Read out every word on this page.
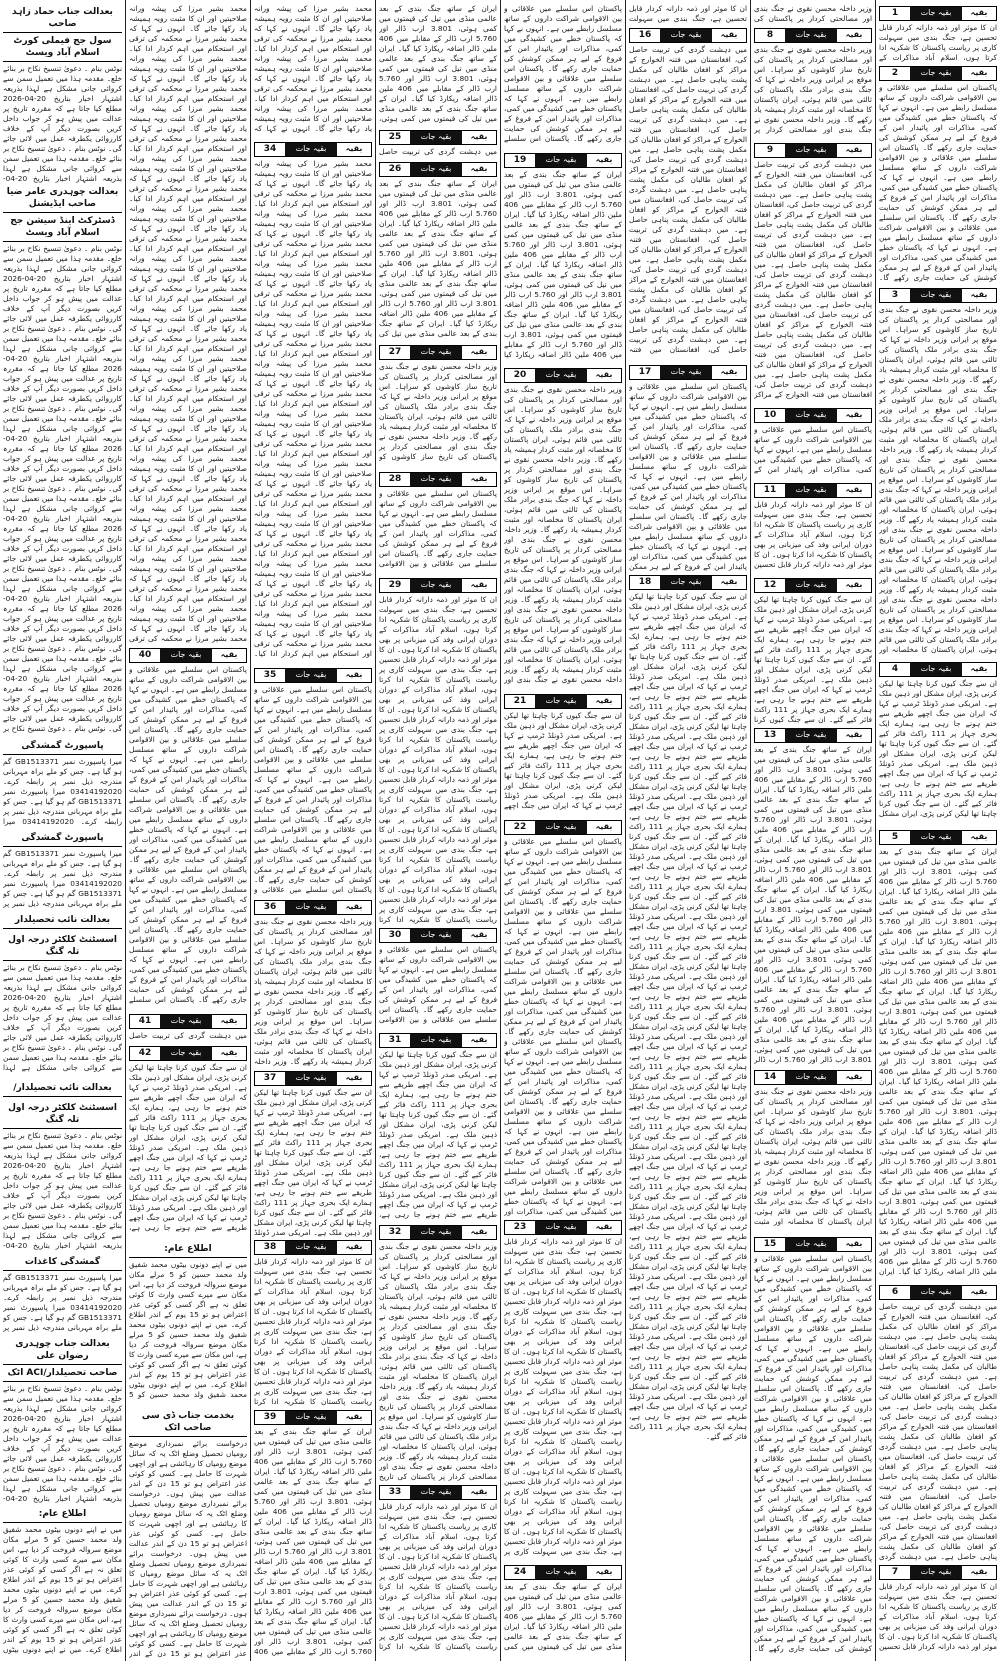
بعدالت جناب حماد زاہد صاحب
سول جج فیملی کورٹ اسلام آباد ویسٹ
نوٹس بنام ۔ دعویٰ تنسیخ نکاح بر بنائے خلع۔ مقدمہ ہذا میں تعمیل سمن سے کروائی جانی مشکل ہے لہذا بذریعہ اشتہار اخبار بتاریخ 20-04-2026 مطلع کیا جاتا ہے کہ مقررہ تاریخ پر عدالت میں پیش ہو کر جواب داخل کریں بصورت دیگر آپ کے خلاف کارروائی یکطرفہ عمل میں لائی جائے گی۔ نوٹس بنام ۔ دعویٰ تنسیخ نکاح بر بنائے خلع۔ مقدمہ ہذا میں تعمیل سمن سے کروائی جانی مشکل ہے لہذا بذریعہ اشتہار اخبار بتاریخ 20-04-
بعدالت چوہدری عامر ضیا صاحب ایڈیشنل
ڈسٹرکٹ اینڈ سیشن جج اسلام آباد ویسٹ
نوٹس بنام ۔ دعویٰ تنسیخ نکاح بر بنائے خلع۔ مقدمہ ہذا میں تعمیل سمن سے کروائی جانی مشکل ہے لہذا بذریعہ اشتہار اخبار بتاریخ 20-04-2026 مطلع کیا جاتا ہے کہ مقررہ تاریخ پر عدالت میں پیش ہو کر جواب داخل کریں بصورت دیگر آپ کے خلاف کارروائی یکطرفہ عمل میں لائی جائے گی۔ نوٹس بنام ۔ دعویٰ تنسیخ نکاح بر بنائے خلع۔ مقدمہ ہذا میں تعمیل سمن سے کروائی جانی مشکل ہے لہذا بذریعہ اشتہار اخبار بتاریخ 20-04-2026 مطلع کیا جاتا ہے کہ مقررہ تاریخ پر عدالت میں پیش ہو کر جواب داخل کریں بصورت دیگر آپ کے خلاف کارروائی یکطرفہ عمل میں لائی جائے گی۔ نوٹس بنام ۔ دعویٰ تنسیخ نکاح بر بنائے خلع۔ مقدمہ ہذا میں تعمیل سمن سے کروائی جانی مشکل ہے لہذا بذریعہ اشتہار اخبار بتاریخ 20-04-2026 مطلع کیا جاتا ہے کہ مقررہ تاریخ پر عدالت میں پیش ہو کر جواب داخل کریں بصورت دیگر آپ کے خلاف کارروائی یکطرفہ عمل میں لائی جائے گی۔ نوٹس بنام ۔ دعویٰ تنسیخ نکاح بر بنائے خلع۔ مقدمہ ہذا میں تعمیل سمن سے کروائی جانی مشکل ہے لہذا بذریعہ اشتہار اخبار بتاریخ 20-04-2026 مطلع کیا جاتا ہے کہ مقررہ تاریخ پر عدالت میں پیش ہو کر جواب داخل کریں بصورت دیگر آپ کے خلاف کارروائی یکطرفہ عمل میں لائی جائے گی۔ نوٹس بنام ۔ دعویٰ تنسیخ نکاح بر بنائے خلع۔ مقدمہ ہذا میں تعمیل سمن سے کروائی جانی مشکل ہے لہذا بذریعہ اشتہار اخبار بتاریخ 20-04-2026 مطلع کیا جاتا ہے کہ مقررہ تاریخ پر عدالت میں پیش ہو کر جواب داخل کریں بصورت دیگر آپ کے خلاف کارروائی یکطرفہ عمل میں لائی جائے گی۔ نوٹس بنام ۔ دعویٰ تنسیخ نکاح بر بنائے خلع۔ مقدمہ ہذا میں تعمیل سمن سے کروائی جانی مشکل ہے لہذا بذریعہ اشتہار اخبار بتاریخ 20-04-2026 مطلع کیا جاتا ہے کہ مقررہ تاریخ پر عدالت میں پیش ہو کر جواب داخل کریں بصورت دیگر آپ کے خلاف کارروائی یکطرفہ عمل میں لائی جائے گی۔ نوٹس بنام ۔ دعویٰ تنسیخ نکاح بر
پاسپورٹ گمشدگی
میرا پاسپورٹ نمبر GB1513371 گم ہو گیا ہے۔ جس کو ملے براہ مہربانی مندرجہ ذیل نمبر پر رابطہ کرے۔ 03414192020 میرا پاسپورٹ نمبر GB1513371 گم ہو گیا ہے۔ جس کو ملے براہ مہربانی مندرجہ ذیل نمبر پر رابطہ کرے۔ 03414192020 میرا
پاسپورٹ گمشدگی
میرا پاسپورٹ نمبر GB1513371 گم ہو گیا ہے۔ جس کو ملے براہ مہربانی مندرجہ ذیل نمبر پر رابطہ کرے۔ 03414192020 میرا پاسپورٹ نمبر GB1513371 گم ہو گیا ہے۔ جس کو ملے براہ مہربانی مندرجہ ذیل نمبر پر
بعدالت نائب تحصیلدار
اسسٹنٹ کلکٹر درجہ اول تلہ گنگ
نوٹس بنام ۔ دعویٰ تنسیخ نکاح بر بنائے خلع۔ مقدمہ ہذا میں تعمیل سمن سے کروائی جانی مشکل ہے لہذا بذریعہ اشتہار اخبار بتاریخ 20-04-2026 مطلع کیا جاتا ہے کہ مقررہ تاریخ پر عدالت میں پیش ہو کر جواب داخل کریں بصورت دیگر آپ کے خلاف کارروائی یکطرفہ عمل میں لائی جائے گی۔ نوٹس بنام ۔ دعویٰ تنسیخ نکاح بر بنائے خلع۔ مقدمہ ہذا میں تعمیل سمن سے کروائی جانی مشکل ہے لہذا
بعدالت نائب تحصیلدار/
اسسٹنٹ کلکٹر درجہ اول تلہ گنگ
نوٹس بنام ۔ دعویٰ تنسیخ نکاح بر بنائے خلع۔ مقدمہ ہذا میں تعمیل سمن سے کروائی جانی مشکل ہے لہذا بذریعہ اشتہار اخبار بتاریخ 20-04-2026 مطلع کیا جاتا ہے کہ مقررہ تاریخ پر عدالت میں پیش ہو کر جواب داخل کریں بصورت دیگر آپ کے خلاف کارروائی یکطرفہ عمل میں لائی جائے گی۔ نوٹس بنام ۔ دعویٰ تنسیخ نکاح بر بنائے خلع۔ مقدمہ ہذا میں تعمیل سمن سے کروائی جانی مشکل ہے لہذا بذریعہ اشتہار اخبار بتاریخ 20-04-
گمشدگی کاغذات
میرا پاسپورٹ نمبر GB1513371 گم ہو گیا ہے۔ جس کو ملے براہ مہربانی مندرجہ ذیل نمبر پر رابطہ کرے۔ 03414192020 میرا پاسپورٹ نمبر GB1513371 گم ہو گیا ہے۔ جس کو ملے براہ مہربانی مندرجہ ذیل نمبر پر
بعدالت جناب چوہدری رضوان علی
صاحب تحصیلدار/ACI اٹک
نوٹس بنام ۔ دعویٰ تنسیخ نکاح بر بنائے خلع۔ مقدمہ ہذا میں تعمیل سمن سے کروائی جانی مشکل ہے لہذا بذریعہ اشتہار اخبار بتاریخ 20-04-2026 مطلع کیا جاتا ہے کہ مقررہ تاریخ پر عدالت میں پیش ہو کر جواب داخل کریں بصورت دیگر آپ کے خلاف کارروائی یکطرفہ عمل میں لائی جائے گی۔ نوٹس بنام ۔ دعویٰ تنسیخ نکاح بر بنائے خلع۔ مقدمہ ہذا میں تعمیل سمن سے کروائی جانی مشکل ہے لہذا بذریعہ اشتہار اخبار بتاریخ 20-04-
اطلاع عام:
میں نے اپنے دونوں بیٹوں محمد شفیق ولد محمد حسین کو 5 مرلے مکان موضع سروالہ فروخت کر دیا ہے، اس مکان سے میرے کسی وارث کا کوئی تعلق نہ ہے اگر کسی کو کوئی عذر اعتراض ہو تو 15 یوم کے اندر اطلاع کرے۔ میں نے اپنے دونوں بیٹوں محمد شفیق ولد محمد حسین کو 5 مرلے مکان موضع سروالہ فروخت کر دیا ہے، اس مکان سے میرے کسی وارث کا کوئی تعلق نہ ہے اگر کسی کو کوئی عذر اعتراض ہو تو 15 یوم کے اندر اطلاع کرے۔ میں نے اپنے دونوں بیٹوں
محمد بشیر مرزا کی پیشہ ورانہ صلاحیتیں اور ان کا مثبت رویہ ہمیشہ یاد رکھا جائے گا۔ انہوں نے کہا کہ محمد بشیر مرزا نے محکمہ کی ترقی اور استحکام میں اہم کردار ادا کیا۔ محمد بشیر مرزا کی پیشہ ورانہ صلاحیتیں اور ان کا مثبت رویہ ہمیشہ یاد رکھا جائے گا۔ انہوں نے کہا کہ محمد بشیر مرزا نے محکمہ کی ترقی اور استحکام میں اہم کردار ادا کیا۔ محمد بشیر مرزا کی پیشہ ورانہ صلاحیتیں اور ان کا مثبت رویہ ہمیشہ یاد رکھا جائے گا۔ انہوں نے کہا کہ محمد بشیر مرزا نے محکمہ کی ترقی اور استحکام میں اہم کردار ادا کیا۔ محمد بشیر مرزا کی پیشہ ورانہ صلاحیتیں اور ان کا مثبت رویہ ہمیشہ یاد رکھا جائے گا۔ انہوں نے کہا کہ محمد بشیر مرزا نے محکمہ کی ترقی اور استحکام میں اہم کردار ادا کیا۔ محمد بشیر مرزا کی پیشہ ورانہ صلاحیتیں اور ان کا مثبت رویہ ہمیشہ یاد رکھا جائے گا۔ انہوں نے کہا کہ محمد بشیر مرزا نے محکمہ کی ترقی اور استحکام میں اہم کردار ادا کیا۔ محمد بشیر مرزا کی پیشہ ورانہ صلاحیتیں اور ان کا مثبت رویہ ہمیشہ یاد رکھا جائے گا۔ انہوں نے کہا کہ محمد بشیر مرزا نے محکمہ کی ترقی اور استحکام میں اہم کردار ادا کیا۔ محمد بشیر مرزا کی پیشہ ورانہ صلاحیتیں اور ان کا مثبت رویہ ہمیشہ یاد رکھا جائے گا۔ انہوں نے کہا کہ محمد بشیر مرزا نے محکمہ کی ترقی اور استحکام میں اہم کردار ادا کیا۔ محمد بشیر مرزا کی پیشہ ورانہ صلاحیتیں اور ان کا مثبت رویہ ہمیشہ یاد رکھا جائے گا۔ انہوں نے کہا کہ محمد بشیر مرزا نے محکمہ کی ترقی اور استحکام میں اہم کردار ادا کیا۔ محمد بشیر مرزا کی پیشہ ورانہ صلاحیتیں اور ان کا مثبت رویہ ہمیشہ یاد رکھا جائے گا۔ انہوں نے کہا کہ محمد بشیر مرزا نے محکمہ کی ترقی اور استحکام میں اہم کردار ادا کیا۔ محمد بشیر مرزا کی پیشہ ورانہ صلاحیتیں اور ان کا مثبت رویہ ہمیشہ یاد رکھا جائے گا۔ انہوں نے کہا کہ محمد بشیر مرزا نے محکمہ کی ترقی اور استحکام میں اہم کردار ادا کیا۔ محمد بشیر مرزا کی پیشہ ورانہ صلاحیتیں اور ان کا مثبت رویہ ہمیشہ یاد رکھا جائے گا۔ انہوں نے کہا کہ محمد بشیر مرزا نے محکمہ کی ترقی اور استحکام میں اہم کردار ادا کیا۔ محمد بشیر مرزا کی پیشہ ورانہ صلاحیتیں اور ان کا مثبت رویہ ہمیشہ یاد رکھا جائے گا۔ انہوں نے کہا کہ محمد بشیر مرزا نے محکمہ کی ترقی اور استحکام میں اہم کردار ادا کیا۔ محمد بشیر مرزا کی پیشہ ورانہ صلاحیتیں اور ان کا مثبت رویہ ہمیشہ یاد رکھا جائے گا۔ انہوں نے کہا کہ محمد بشیر مرزا نے محکمہ کی ترقی
بقیہ
بقیہ جات
40
پاکستان اس سلسلے میں علاقائی و بین الاقوامی شراکت داروں کے ساتھ مسلسل رابطے میں ہے۔ انہوں نے کہا کہ پاکستان خطے میں کشیدگی میں کمی، مذاکرات اور پائیدار امن کے فروغ کے لیے ہر ممکن کوشش کی حمایت جاری رکھے گا۔ پاکستان اس سلسلے میں علاقائی و بین الاقوامی شراکت داروں کے ساتھ مسلسل رابطے میں ہے۔ انہوں نے کہا کہ پاکستان خطے میں کشیدگی میں کمی، مذاکرات اور پائیدار امن کے فروغ کے لیے ہر ممکن کوشش کی حمایت جاری رکھے گا۔ پاکستان اس سلسلے میں علاقائی و بین الاقوامی شراکت داروں کے ساتھ مسلسل رابطے میں ہے۔ انہوں نے کہا کہ پاکستان خطے میں کشیدگی میں کمی، مذاکرات اور پائیدار امن کے فروغ کے لیے ہر ممکن کوشش کی حمایت جاری رکھے گا۔ پاکستان اس سلسلے میں علاقائی و بین الاقوامی شراکت داروں کے ساتھ مسلسل رابطے میں ہے۔ انہوں نے کہا کہ پاکستان خطے میں کشیدگی میں کمی، مذاکرات اور پائیدار امن کے فروغ کے لیے ہر ممکن کوشش کی حمایت جاری رکھے گا۔ پاکستان اس سلسلے میں علاقائی و بین الاقوامی شراکت داروں کے ساتھ مسلسل رابطے میں ہے۔ انہوں نے کہا کہ پاکستان خطے میں کشیدگی میں کمی، مذاکرات اور پائیدار امن کے فروغ کے لیے ہر ممکن کوشش کی حمایت جاری رکھے گا۔ پاکستان اس سلسلے
بقیہ
بقیہ جات
41
میں دہشت گردی کی تربیت حاصل
بقیہ
بقیہ جات
42
ان سے جنگ کیوں کرنا چاہتا تھا لیکن کرنی پڑی، ایران مشکل اور ذہین ملک ہے۔ امریکی صدر ڈونلڈ ٹرمپ نے کہا کہ ایران میں جنگ اچھے طریقے سے ختم ہونے جا رہی ہے، ہمارے ایک بحری جہاز پر 111 راکٹ فائر کیے گئے۔ ان سے جنگ کیوں کرنا چاہتا تھا لیکن کرنی پڑی، ایران مشکل اور ذہین ملک ہے۔ امریکی صدر ڈونلڈ ٹرمپ نے کہا کہ ایران میں جنگ اچھے طریقے سے ختم ہونے جا رہی ہے، ہمارے ایک بحری جہاز پر 111 راکٹ فائر کیے گئے۔ ان سے جنگ کیوں کرنا چاہتا تھا لیکن کرنی پڑی، ایران مشکل اور ذہین ملک ہے۔ امریکی صدر ڈونلڈ ٹرمپ نے کہا کہ ایران میں جنگ اچھے طریقے سے ختم ہونے جا رہی ہے،
اطلاع عام:
میں نے اپنے دونوں بیٹوں محمد شفیق ولد محمد حسین کو 5 مرلے مکان موضع سروالہ فروخت کر دیا ہے، اس مکان سے میرے کسی وارث کا کوئی تعلق نہ ہے اگر کسی کو کوئی عذر اعتراض ہو تو 15 یوم کے اندر اطلاع کرے۔ میں نے اپنے دونوں بیٹوں محمد شفیق ولد محمد حسین کو 5 مرلے مکان موضع سروالہ فروخت کر دیا ہے، اس مکان سے میرے کسی وارث کا کوئی تعلق نہ ہے اگر کسی کو کوئی عذر اعتراض ہو تو 15 یوم کے اندر اطلاع کرے۔ میں نے اپنے دونوں بیٹوں محمد شفیق ولد محمد حسین کو 5
بخدمت جناب ڈی سی صاحب اٹک
درخواست برائے نمبرداری موضع رومیاں تحصیل وضلع اٹک یہ کہ سائل موضع رومیاں کا رہائشی ہے اور اچھی شہرت کا حامل ہے۔ کسی کو کوئی عذر اعتراض ہو تو 15 دن کے اندر عدالت میں پیش ہوں۔ درخواست برائے نمبرداری موضع رومیاں تحصیل وضلع اٹک یہ کہ سائل موضع رومیاں کا رہائشی ہے اور اچھی شہرت کا حامل ہے۔ کسی کو کوئی عذر اعتراض ہو تو 15 دن کے اندر عدالت میں پیش ہوں۔ درخواست برائے نمبرداری موضع رومیاں تحصیل وضلع اٹک یہ کہ سائل موضع رومیاں کا رہائشی ہے اور اچھی شہرت کا حامل ہے۔ کسی کو کوئی عذر اعتراض ہو تو 15 دن کے اندر عدالت میں پیش ہوں۔ درخواست برائے نمبرداری موضع رومیاں تحصیل وضلع اٹک یہ کہ سائل موضع رومیاں کا رہائشی ہے اور اچھی شہرت کا حامل ہے۔ کسی کو کوئی عذر اعتراض ہو تو 15 دن کے اندر
محمد بشیر مرزا کی پیشہ ورانہ صلاحیتیں اور ان کا مثبت رویہ ہمیشہ یاد رکھا جائے گا۔ انہوں نے کہا کہ محمد بشیر مرزا نے محکمہ کی ترقی اور استحکام میں اہم کردار ادا کیا۔ محمد بشیر مرزا کی پیشہ ورانہ صلاحیتیں اور ان کا مثبت رویہ ہمیشہ یاد رکھا جائے گا۔ انہوں نے کہا کہ محمد بشیر مرزا نے محکمہ کی ترقی اور استحکام میں اہم کردار ادا کیا۔ محمد بشیر مرزا کی پیشہ ورانہ صلاحیتیں اور ان کا مثبت رویہ ہمیشہ یاد رکھا جائے گا۔ انہوں نے کہا کہ
بقیہ
بقیہ جات
34
محمد بشیر مرزا کی پیشہ ورانہ صلاحیتیں اور ان کا مثبت رویہ ہمیشہ یاد رکھا جائے گا۔ انہوں نے کہا کہ محمد بشیر مرزا نے محکمہ کی ترقی اور استحکام میں اہم کردار ادا کیا۔ محمد بشیر مرزا کی پیشہ ورانہ صلاحیتیں اور ان کا مثبت رویہ ہمیشہ یاد رکھا جائے گا۔ انہوں نے کہا کہ محمد بشیر مرزا نے محکمہ کی ترقی اور استحکام میں اہم کردار ادا کیا۔ محمد بشیر مرزا کی پیشہ ورانہ صلاحیتیں اور ان کا مثبت رویہ ہمیشہ یاد رکھا جائے گا۔ انہوں نے کہا کہ محمد بشیر مرزا نے محکمہ کی ترقی اور استحکام میں اہم کردار ادا کیا۔ محمد بشیر مرزا کی پیشہ ورانہ صلاحیتیں اور ان کا مثبت رویہ ہمیشہ یاد رکھا جائے گا۔ انہوں نے کہا کہ محمد بشیر مرزا نے محکمہ کی ترقی اور استحکام میں اہم کردار ادا کیا۔ محمد بشیر مرزا کی پیشہ ورانہ صلاحیتیں اور ان کا مثبت رویہ ہمیشہ یاد رکھا جائے گا۔ انہوں نے کہا کہ محمد بشیر مرزا نے محکمہ کی ترقی اور استحکام میں اہم کردار ادا کیا۔ محمد بشیر مرزا کی پیشہ ورانہ صلاحیتیں اور ان کا مثبت رویہ ہمیشہ یاد رکھا جائے گا۔ انہوں نے کہا کہ محمد بشیر مرزا نے محکمہ کی ترقی اور استحکام میں اہم کردار ادا کیا۔ محمد بشیر مرزا کی پیشہ ورانہ صلاحیتیں اور ان کا مثبت رویہ ہمیشہ یاد رکھا جائے گا۔ انہوں نے کہا کہ محمد بشیر مرزا نے محکمہ کی ترقی اور استحکام میں اہم کردار ادا کیا۔ محمد بشیر مرزا کی پیشہ ورانہ صلاحیتیں اور ان کا مثبت رویہ ہمیشہ یاد رکھا جائے گا۔ انہوں نے کہا کہ محمد بشیر مرزا نے محکمہ کی ترقی اور استحکام میں اہم کردار ادا کیا۔ محمد بشیر مرزا کی پیشہ ورانہ صلاحیتیں اور ان کا مثبت رویہ ہمیشہ یاد رکھا جائے گا۔ انہوں نے کہا کہ محمد بشیر مرزا نے محکمہ کی ترقی اور استحکام میں اہم کردار ادا کیا۔ محمد بشیر مرزا کی پیشہ ورانہ صلاحیتیں اور ان کا مثبت رویہ ہمیشہ یاد رکھا جائے گا۔ انہوں نے کہا کہ محمد بشیر مرزا نے محکمہ کی ترقی اور استحکام میں اہم کردار ادا کیا۔
بقیہ
بقیہ جات
35
پاکستان اس سلسلے میں علاقائی و بین الاقوامی شراکت داروں کے ساتھ مسلسل رابطے میں ہے۔ انہوں نے کہا کہ پاکستان خطے میں کشیدگی میں کمی، مذاکرات اور پائیدار امن کے فروغ کے لیے ہر ممکن کوشش کی حمایت جاری رکھے گا۔ پاکستان اس سلسلے میں علاقائی و بین الاقوامی شراکت داروں کے ساتھ مسلسل رابطے میں ہے۔ انہوں نے کہا کہ پاکستان خطے میں کشیدگی میں کمی، مذاکرات اور پائیدار امن کے فروغ کے لیے ہر ممکن کوشش کی حمایت جاری رکھے گا۔ پاکستان اس سلسلے میں علاقائی و بین الاقوامی شراکت داروں کے ساتھ مسلسل رابطے میں ہے۔ انہوں نے کہا کہ پاکستان خطے میں کشیدگی میں کمی، مذاکرات اور پائیدار امن کے فروغ کے لیے ہر ممکن کوشش کی حمایت جاری رکھے گا۔ پاکستان اس سلسلے میں علاقائی و
بقیہ
بقیہ جات
36
وزیر داخلہ محسن نقوی نے جنگ بندی اور مصالحتی کردار پر پاکستان کی تاریخ ساز کاوشوں کو سراہا۔ اس موقع پر ایرانی وزیر داخلہ نے کہا کہ جنگ بندی برادر ملک پاکستان کی ثالثی میں قائم ہوئی، ایران پاکستان کا مخلصانہ اور مثبت کردار ہمیشہ یاد رکھے گا۔ وزیر داخلہ محسن نقوی نے جنگ بندی اور مصالحتی کردار پر پاکستان کی تاریخ ساز کاوشوں کو سراہا۔ اس موقع پر ایرانی وزیر داخلہ نے کہا کہ جنگ بندی برادر ملک پاکستان کی ثالثی میں قائم ہوئی، ایران پاکستان کا مخلصانہ اور مثبت کردار ہمیشہ یاد رکھے گا۔ وزیر داخلہ
بقیہ
بقیہ جات
37
ان سے جنگ کیوں کرنا چاہتا تھا لیکن کرنی پڑی، ایران مشکل اور ذہین ملک ہے۔ امریکی صدر ڈونلڈ ٹرمپ نے کہا کہ ایران میں جنگ اچھے طریقے سے ختم ہونے جا رہی ہے، ہمارے ایک بحری جہاز پر 111 راکٹ فائر کیے گئے۔ ان سے جنگ کیوں کرنا چاہتا تھا لیکن کرنی پڑی، ایران مشکل اور ذہین ملک ہے۔ امریکی صدر ڈونلڈ ٹرمپ نے کہا کہ ایران میں جنگ اچھے طریقے سے ختم ہونے جا رہی ہے، ہمارے ایک بحری جہاز پر 111 راکٹ فائر کیے گئے۔ ان سے جنگ کیوں کرنا چاہتا تھا لیکن کرنی پڑی، ایران مشکل اور ذہین ملک ہے۔ امریکی صدر ڈونلڈ
بقیہ
بقیہ جات
38
ان کا موثر اور ذمہ دارانہ کردار قابل تحسین ہے، جنگ بندی میں سہولت کاری پر ریاست پاکستان کا شکریہ ادا کرتا ہوں، اسلام آباد مذاکرات کے دوران ایرانی وفد کی میزبانی پر بھی پاکستان کا شکریہ ادا کرتا ہوں۔ ان کا موثر اور ذمہ دارانہ کردار قابل تحسین ہے، جنگ بندی میں سہولت کاری پر ریاست پاکستان کا شکریہ ادا کرتا ہوں، اسلام آباد مذاکرات کے دوران ایرانی وفد کی میزبانی پر بھی پاکستان کا شکریہ ادا کرتا ہوں۔ ان کا موثر اور ذمہ دارانہ کردار قابل تحسین ہے، جنگ بندی میں سہولت کاری پر ریاست پاکستان کا شکریہ ادا کرتا
بقیہ
بقیہ جات
39
ایران کے ساتھ جنگ بندی کے بعد عالمی منڈی میں تیل کی قیمتوں میں کمی ہوئی، 3.801 ارب ڈالر اور 5.760 ارب ڈالر کے مقابلے میں 406 ملین ڈالر اضافہ ریکارڈ کیا گیا۔ ایران کے ساتھ جنگ بندی کے بعد عالمی منڈی میں تیل کی قیمتوں میں کمی ہوئی، 3.801 ارب ڈالر اور 5.760 ارب ڈالر کے مقابلے میں 406 ملین ڈالر اضافہ ریکارڈ کیا گیا۔ ایران کے ساتھ جنگ بندی کے بعد عالمی منڈی میں تیل کی قیمتوں میں کمی ہوئی، 3.801 ارب ڈالر اور 5.760 ارب ڈالر کے مقابلے میں 406 ملین ڈالر اضافہ ریکارڈ کیا گیا۔ ایران کے ساتھ جنگ بندی کے بعد عالمی منڈی میں تیل کی قیمتوں میں کمی ہوئی، 3.801 ارب ڈالر اور 5.760 ارب ڈالر کے مقابلے میں 406 ملین ڈالر اضافہ ریکارڈ کیا گیا۔ ایران کے ساتھ جنگ بندی کے بعد عالمی منڈی میں تیل کی قیمتوں میں کمی ہوئی، 3.801 ارب ڈالر اور 5.760 ارب ڈالر کے مقابلے میں 406
ایران کے ساتھ جنگ بندی کے بعد عالمی منڈی میں تیل کی قیمتوں میں کمی ہوئی، 3.801 ارب ڈالر اور 5.760 ارب ڈالر کے مقابلے میں 406 ملین ڈالر اضافہ ریکارڈ کیا گیا۔ ایران کے ساتھ جنگ بندی کے بعد عالمی منڈی میں تیل کی قیمتوں میں کمی ہوئی، 3.801 ارب ڈالر اور 5.760 ارب ڈالر کے مقابلے میں 406 ملین ڈالر اضافہ ریکارڈ کیا گیا۔ ایران کے ساتھ جنگ بندی کے بعد عالمی منڈی میں تیل کی قیمتوں میں کمی ہوئی،
بقیہ
بقیہ جات
25
میں دہشت گردی کی تربیت حاصل
بقیہ
بقیہ جات
26
ایران کے ساتھ جنگ بندی کے بعد عالمی منڈی میں تیل کی قیمتوں میں کمی ہوئی، 3.801 ارب ڈالر اور 5.760 ارب ڈالر کے مقابلے میں 406 ملین ڈالر اضافہ ریکارڈ کیا گیا۔ ایران کے ساتھ جنگ بندی کے بعد عالمی منڈی میں تیل کی قیمتوں میں کمی ہوئی، 3.801 ارب ڈالر اور 5.760 ارب ڈالر کے مقابلے میں 406 ملین ڈالر اضافہ ریکارڈ کیا گیا۔ ایران کے ساتھ جنگ بندی کے بعد عالمی منڈی میں تیل کی قیمتوں میں کمی ہوئی، 3.801 ارب ڈالر اور 5.760 ارب ڈالر کے مقابلے میں 406 ملین ڈالر اضافہ ریکارڈ کیا گیا۔ ایران کے ساتھ جنگ بندی کے بعد عالمی منڈی میں تیل کی
بقیہ
بقیہ جات
27
وزیر داخلہ محسن نقوی نے جنگ بندی اور مصالحتی کردار پر پاکستان کی تاریخ ساز کاوشوں کو سراہا۔ اس موقع پر ایرانی وزیر داخلہ نے کہا کہ جنگ بندی برادر ملک پاکستان کی ثالثی میں قائم ہوئی، ایران پاکستان کا مخلصانہ اور مثبت کردار ہمیشہ یاد رکھے گا۔ وزیر داخلہ محسن نقوی نے جنگ بندی اور مصالحتی کردار پر پاکستان کی تاریخ ساز کاوشوں کو
بقیہ
بقیہ جات
28
پاکستان اس سلسلے میں علاقائی و بین الاقوامی شراکت داروں کے ساتھ مسلسل رابطے میں ہے۔ انہوں نے کہا کہ پاکستان خطے میں کشیدگی میں کمی، مذاکرات اور پائیدار امن کے فروغ کے لیے ہر ممکن کوشش کی حمایت جاری رکھے گا۔ پاکستان اس سلسلے میں علاقائی و بین الاقوامی
بقیہ
بقیہ جات
29
ان کا موثر اور ذمہ دارانہ کردار قابل تحسین ہے، جنگ بندی میں سہولت کاری پر ریاست پاکستان کا شکریہ ادا کرتا ہوں، اسلام آباد مذاکرات کے دوران ایرانی وفد کی میزبانی پر بھی پاکستان کا شکریہ ادا کرتا ہوں۔ ان کا موثر اور ذمہ دارانہ کردار قابل تحسین ہے، جنگ بندی میں سہولت کاری پر ریاست پاکستان کا شکریہ ادا کرتا ہوں، اسلام آباد مذاکرات کے دوران ایرانی وفد کی میزبانی پر بھی پاکستان کا شکریہ ادا کرتا ہوں۔ ان کا موثر اور ذمہ دارانہ کردار قابل تحسین ہے، جنگ بندی میں سہولت کاری پر ریاست پاکستان کا شکریہ ادا کرتا ہوں، اسلام آباد مذاکرات کے دوران ایرانی وفد کی میزبانی پر بھی پاکستان کا شکریہ ادا کرتا ہوں۔ ان کا موثر اور ذمہ دارانہ کردار قابل تحسین ہے، جنگ بندی میں سہولت کاری پر ریاست پاکستان کا شکریہ ادا کرتا ہوں، اسلام آباد مذاکرات کے دوران ایرانی وفد کی میزبانی پر بھی پاکستان کا شکریہ ادا کرتا ہوں۔ ان کا موثر اور ذمہ دارانہ کردار قابل تحسین ہے، جنگ بندی میں سہولت کاری پر ریاست پاکستان کا شکریہ ادا کرتا ہوں، اسلام آباد مذاکرات کے دوران ایرانی وفد کی میزبانی پر بھی پاکستان کا شکریہ ادا کرتا ہوں۔ ان کا موثر اور ذمہ دارانہ کردار قابل تحسین ہے، جنگ بندی میں سہولت کاری پر ریاست پاکستان کا شکریہ ادا کرتا
بقیہ
بقیہ جات
30
پاکستان اس سلسلے میں علاقائی و بین الاقوامی شراکت داروں کے ساتھ مسلسل رابطے میں ہے۔ انہوں نے کہا کہ پاکستان خطے میں کشیدگی میں کمی، مذاکرات اور پائیدار امن کے فروغ کے لیے ہر ممکن کوشش کی حمایت جاری رکھے گا۔ پاکستان اس سلسلے میں علاقائی و بین الاقوامی
بقیہ
بقیہ جات
31
ان سے جنگ کیوں کرنا چاہتا تھا لیکن کرنی پڑی، ایران مشکل اور ذہین ملک ہے۔ امریکی صدر ڈونلڈ ٹرمپ نے کہا کہ ایران میں جنگ اچھے طریقے سے ختم ہونے جا رہی ہے، ہمارے ایک بحری جہاز پر 111 راکٹ فائر کیے گئے۔ ان سے جنگ کیوں کرنا چاہتا تھا لیکن کرنی پڑی، ایران مشکل اور ذہین ملک ہے۔ امریکی صدر ڈونلڈ ٹرمپ نے کہا کہ ایران میں جنگ اچھے طریقے سے ختم ہونے جا رہی ہے، ہمارے ایک بحری جہاز پر 111 راکٹ فائر کیے گئے۔ ان سے جنگ کیوں کرنا چاہتا تھا لیکن کرنی پڑی، ایران مشکل اور ذہین ملک ہے۔ امریکی صدر ڈونلڈ ٹرمپ نے کہا کہ ایران میں جنگ اچھے طریقے سے ختم ہونے جا رہی ہے،
بقیہ
بقیہ جات
32
وزیر داخلہ محسن نقوی نے جنگ بندی اور مصالحتی کردار پر پاکستان کی تاریخ ساز کاوشوں کو سراہا۔ اس موقع پر ایرانی وزیر داخلہ نے کہا کہ جنگ بندی برادر ملک پاکستان کی ثالثی میں قائم ہوئی، ایران پاکستان کا مخلصانہ اور مثبت کردار ہمیشہ یاد رکھے گا۔ وزیر داخلہ محسن نقوی نے جنگ بندی اور مصالحتی کردار پر پاکستان کی تاریخ ساز کاوشوں کو سراہا۔ اس موقع پر ایرانی وزیر داخلہ نے کہا کہ جنگ بندی برادر ملک پاکستان کی ثالثی میں قائم ہوئی، ایران پاکستان کا مخلصانہ اور مثبت کردار ہمیشہ یاد رکھے گا۔ وزیر داخلہ محسن نقوی نے جنگ بندی اور مصالحتی کردار پر پاکستان کی تاریخ ساز کاوشوں کو سراہا۔ اس موقع پر ایرانی وزیر داخلہ نے کہا کہ جنگ بندی برادر ملک پاکستان کی ثالثی میں قائم ہوئی، ایران پاکستان کا مخلصانہ اور مثبت کردار ہمیشہ یاد رکھے گا۔ وزیر داخلہ محسن نقوی نے جنگ بندی اور مصالحتی کردار پر پاکستان کی تاریخ
بقیہ
بقیہ جات
33
ان کا موثر اور ذمہ دارانہ کردار قابل تحسین ہے، جنگ بندی میں سہولت کاری پر ریاست پاکستان کا شکریہ ادا کرتا ہوں، اسلام آباد مذاکرات کے دوران ایرانی وفد کی میزبانی پر بھی پاکستان کا شکریہ ادا کرتا ہوں۔ ان کا موثر اور ذمہ دارانہ کردار قابل تحسین ہے، جنگ بندی میں سہولت کاری پر ریاست پاکستان کا شکریہ ادا کرتا ہوں، اسلام آباد مذاکرات کے دوران ایرانی وفد کی میزبانی پر بھی پاکستان کا شکریہ ادا کرتا ہوں۔ ان کا موثر اور ذمہ دارانہ کردار قابل تحسین ہے، جنگ بندی میں سہولت کاری پر ریاست پاکستان کا شکریہ ادا کرتا
پاکستان اس سلسلے میں علاقائی و بین الاقوامی شراکت داروں کے ساتھ مسلسل رابطے میں ہے۔ انہوں نے کہا کہ پاکستان خطے میں کشیدگی میں کمی، مذاکرات اور پائیدار امن کے فروغ کے لیے ہر ممکن کوشش کی حمایت جاری رکھے گا۔ پاکستان اس سلسلے میں علاقائی و بین الاقوامی شراکت داروں کے ساتھ مسلسل رابطے میں ہے۔ انہوں نے کہا کہ پاکستان خطے میں کشیدگی میں کمی، مذاکرات اور پائیدار امن کے فروغ کے لیے ہر ممکن کوشش کی حمایت جاری رکھے گا۔ پاکستان اس سلسلے
بقیہ
بقیہ جات
19
ایران کے ساتھ جنگ بندی کے بعد عالمی منڈی میں تیل کی قیمتوں میں کمی ہوئی، 3.801 ارب ڈالر اور 5.760 ارب ڈالر کے مقابلے میں 406 ملین ڈالر اضافہ ریکارڈ کیا گیا۔ ایران کے ساتھ جنگ بندی کے بعد عالمی منڈی میں تیل کی قیمتوں میں کمی ہوئی، 3.801 ارب ڈالر اور 5.760 ارب ڈالر کے مقابلے میں 406 ملین ڈالر اضافہ ریکارڈ کیا گیا۔ ایران کے ساتھ جنگ بندی کے بعد عالمی منڈی میں تیل کی قیمتوں میں کمی ہوئی، 3.801 ارب ڈالر اور 5.760 ارب ڈالر کے مقابلے میں 406 ملین ڈالر اضافہ ریکارڈ کیا گیا۔ ایران کے ساتھ جنگ بندی کے بعد عالمی منڈی میں تیل کی قیمتوں میں کمی ہوئی، 3.801 ارب ڈالر اور 5.760 ارب ڈالر کے مقابلے میں 406 ملین ڈالر اضافہ ریکارڈ کیا
بقیہ
بقیہ جات
20
وزیر داخلہ محسن نقوی نے جنگ بندی اور مصالحتی کردار پر پاکستان کی تاریخ ساز کاوشوں کو سراہا۔ اس موقع پر ایرانی وزیر داخلہ نے کہا کہ جنگ بندی برادر ملک پاکستان کی ثالثی میں قائم ہوئی، ایران پاکستان کا مخلصانہ اور مثبت کردار ہمیشہ یاد رکھے گا۔ وزیر داخلہ محسن نقوی نے جنگ بندی اور مصالحتی کردار پر پاکستان کی تاریخ ساز کاوشوں کو سراہا۔ اس موقع پر ایرانی وزیر داخلہ نے کہا کہ جنگ بندی برادر ملک پاکستان کی ثالثی میں قائم ہوئی، ایران پاکستان کا مخلصانہ اور مثبت کردار ہمیشہ یاد رکھے گا۔ وزیر داخلہ محسن نقوی نے جنگ بندی اور مصالحتی کردار پر پاکستان کی تاریخ ساز کاوشوں کو سراہا۔ اس موقع پر ایرانی وزیر داخلہ نے کہا کہ جنگ بندی برادر ملک پاکستان کی ثالثی میں قائم ہوئی، ایران پاکستان کا مخلصانہ اور مثبت کردار ہمیشہ یاد رکھے گا۔ وزیر داخلہ محسن نقوی نے جنگ بندی اور مصالحتی کردار پر پاکستان کی تاریخ ساز کاوشوں کو سراہا۔ اس موقع پر ایرانی وزیر داخلہ نے کہا کہ جنگ بندی برادر ملک پاکستان کی ثالثی میں قائم ہوئی، ایران پاکستان کا مخلصانہ اور مثبت کردار ہمیشہ یاد رکھے گا۔ وزیر داخلہ محسن نقوی نے جنگ بندی اور
بقیہ
بقیہ جات
21
ان سے جنگ کیوں کرنا چاہتا تھا لیکن کرنی پڑی، ایران مشکل اور ذہین ملک ہے۔ امریکی صدر ڈونلڈ ٹرمپ نے کہا کہ ایران میں جنگ اچھے طریقے سے ختم ہونے جا رہی ہے، ہمارے ایک بحری جہاز پر 111 راکٹ فائر کیے گئے۔ ان سے جنگ کیوں کرنا چاہتا تھا لیکن کرنی پڑی، ایران مشکل اور ذہین ملک ہے۔ امریکی صدر ڈونلڈ ٹرمپ نے کہا کہ ایران میں جنگ اچھے
بقیہ
بقیہ جات
22
پاکستان اس سلسلے میں علاقائی و بین الاقوامی شراکت داروں کے ساتھ مسلسل رابطے میں ہے۔ انہوں نے کہا کہ پاکستان خطے میں کشیدگی میں کمی، مذاکرات اور پائیدار امن کے فروغ کے لیے ہر ممکن کوشش کی حمایت جاری رکھے گا۔ پاکستان اس سلسلے میں علاقائی و بین الاقوامی شراکت داروں کے ساتھ مسلسل رابطے میں ہے۔ انہوں نے کہا کہ پاکستان خطے میں کشیدگی میں کمی، مذاکرات اور پائیدار امن کے فروغ کے لیے ہر ممکن کوشش کی حمایت جاری رکھے گا۔ پاکستان اس سلسلے میں علاقائی و بین الاقوامی شراکت داروں کے ساتھ مسلسل رابطے میں ہے۔ انہوں نے کہا کہ پاکستان خطے میں کشیدگی میں کمی، مذاکرات اور پائیدار امن کے فروغ کے لیے ہر ممکن کوشش کی حمایت جاری رکھے گا۔ پاکستان اس سلسلے میں علاقائی و بین الاقوامی شراکت داروں کے ساتھ مسلسل رابطے میں ہے۔ انہوں نے کہا کہ پاکستان خطے میں کشیدگی میں کمی، مذاکرات اور پائیدار امن کے فروغ کے لیے ہر ممکن کوشش کی حمایت جاری رکھے گا۔ پاکستان اس سلسلے میں علاقائی و بین الاقوامی شراکت داروں کے ساتھ مسلسل رابطے میں ہے۔ انہوں نے کہا کہ پاکستان خطے میں کشیدگی میں کمی، مذاکرات اور پائیدار امن کے فروغ کے لیے ہر ممکن کوشش کی حمایت جاری رکھے گا۔ پاکستان اس سلسلے میں علاقائی و بین الاقوامی شراکت داروں کے ساتھ مسلسل رابطے میں ہے۔ انہوں نے کہا کہ پاکستان خطے میں کشیدگی میں کمی، مذاکرات اور
بقیہ
بقیہ جات
23
ان کا موثر اور ذمہ دارانہ کردار قابل تحسین ہے، جنگ بندی میں سہولت کاری پر ریاست پاکستان کا شکریہ ادا کرتا ہوں، اسلام آباد مذاکرات کے دوران ایرانی وفد کی میزبانی پر بھی پاکستان کا شکریہ ادا کرتا ہوں۔ ان کا موثر اور ذمہ دارانہ کردار قابل تحسین ہے، جنگ بندی میں سہولت کاری پر ریاست پاکستان کا شکریہ ادا کرتا ہوں، اسلام آباد مذاکرات کے دوران ایرانی وفد کی میزبانی پر بھی پاکستان کا شکریہ ادا کرتا ہوں۔ ان کا موثر اور ذمہ دارانہ کردار قابل تحسین ہے، جنگ بندی میں سہولت کاری پر ریاست پاکستان کا شکریہ ادا کرتا ہوں، اسلام آباد مذاکرات کے دوران ایرانی وفد کی میزبانی پر بھی پاکستان کا شکریہ ادا کرتا ہوں۔ ان کا موثر اور ذمہ دارانہ کردار قابل تحسین ہے، جنگ بندی میں سہولت کاری پر ریاست پاکستان کا شکریہ ادا کرتا ہوں، اسلام آباد مذاکرات کے دوران ایرانی وفد کی میزبانی پر بھی پاکستان کا شکریہ ادا کرتا ہوں۔ ان کا موثر اور ذمہ دارانہ کردار قابل تحسین ہے، جنگ بندی میں سہولت کاری پر ریاست پاکستان کا شکریہ ادا کرتا ہوں، اسلام آباد مذاکرات کے دوران ایرانی وفد کی میزبانی پر بھی پاکستان کا شکریہ ادا کرتا ہوں۔ ان کا موثر اور ذمہ دارانہ کردار قابل تحسین ہے، جنگ بندی میں سہولت کاری پر
بقیہ
بقیہ جات
24
ایران کے ساتھ جنگ بندی کے بعد عالمی منڈی میں تیل کی قیمتوں میں کمی ہوئی، 3.801 ارب ڈالر اور 5.760 ارب ڈالر کے مقابلے میں 406 ملین ڈالر اضافہ ریکارڈ کیا گیا۔ ایران کے ساتھ جنگ بندی کے بعد عالمی منڈی میں تیل کی قیمتوں میں کمی
ان کا موثر اور ذمہ دارانہ کردار قابل تحسین ہے، جنگ بندی میں سہولت
بقیہ
بقیہ جات
16
میں دہشت گردی کی تربیت حاصل کی، افغانستان میں فتنہ الخوارج کے مراکز کو افغان طالبان کی مکمل پشت پناہی حاصل ہے۔ میں دہشت گردی کی تربیت حاصل کی، افغانستان میں فتنہ الخوارج کے مراکز کو افغان طالبان کی مکمل پشت پناہی حاصل ہے۔ میں دہشت گردی کی تربیت حاصل کی، افغانستان میں فتنہ الخوارج کے مراکز کو افغان طالبان کی مکمل پشت پناہی حاصل ہے۔ میں دہشت گردی کی تربیت حاصل کی، افغانستان میں فتنہ الخوارج کے مراکز کو افغان طالبان کی مکمل پشت پناہی حاصل ہے۔ میں دہشت گردی کی تربیت حاصل کی، افغانستان میں فتنہ الخوارج کے مراکز کو افغان طالبان کی مکمل پشت پناہی حاصل ہے۔ میں دہشت گردی کی تربیت حاصل کی، افغانستان میں فتنہ الخوارج کے مراکز کو افغان طالبان کی مکمل پشت پناہی حاصل ہے۔ میں دہشت گردی کی تربیت حاصل کی، افغانستان میں فتنہ الخوارج کے مراکز کو افغان طالبان کی مکمل پشت پناہی حاصل ہے۔ میں دہشت گردی کی تربیت حاصل کی، افغانستان میں فتنہ الخوارج کے مراکز کو افغان طالبان کی مکمل پشت پناہی حاصل ہے۔ میں دہشت گردی کی تربیت حاصل کی، افغانستان میں فتنہ
بقیہ
بقیہ جات
17
پاکستان اس سلسلے میں علاقائی و بین الاقوامی شراکت داروں کے ساتھ مسلسل رابطے میں ہے۔ انہوں نے کہا کہ پاکستان خطے میں کشیدگی میں کمی، مذاکرات اور پائیدار امن کے فروغ کے لیے ہر ممکن کوشش کی حمایت جاری رکھے گا۔ پاکستان اس سلسلے میں علاقائی و بین الاقوامی شراکت داروں کے ساتھ مسلسل رابطے میں ہے۔ انہوں نے کہا کہ پاکستان خطے میں کشیدگی میں کمی، مذاکرات اور پائیدار امن کے فروغ کے لیے ہر ممکن کوشش کی حمایت جاری رکھے گا۔ پاکستان اس سلسلے میں علاقائی و بین الاقوامی شراکت داروں کے ساتھ مسلسل رابطے میں ہے۔ انہوں نے کہا کہ پاکستان خطے میں کشیدگی میں کمی، مذاکرات اور پائیدار امن کے فروغ کے لیے ہر ممکن
بقیہ
بقیہ جات
18
ان سے جنگ کیوں کرنا چاہتا تھا لیکن کرنی پڑی، ایران مشکل اور ذہین ملک ہے۔ امریکی صدر ڈونلڈ ٹرمپ نے کہا کہ ایران میں جنگ اچھے طریقے سے ختم ہونے جا رہی ہے، ہمارے ایک بحری جہاز پر 111 راکٹ فائر کیے گئے۔ ان سے جنگ کیوں کرنا چاہتا تھا لیکن کرنی پڑی، ایران مشکل اور ذہین ملک ہے۔ امریکی صدر ڈونلڈ ٹرمپ نے کہا کہ ایران میں جنگ اچھے طریقے سے ختم ہونے جا رہی ہے، ہمارے ایک بحری جہاز پر 111 راکٹ فائر کیے گئے۔ ان سے جنگ کیوں کرنا چاہتا تھا لیکن کرنی پڑی، ایران مشکل اور ذہین ملک ہے۔ امریکی صدر ڈونلڈ ٹرمپ نے کہا کہ ایران میں جنگ اچھے طریقے سے ختم ہونے جا رہی ہے، ہمارے ایک بحری جہاز پر 111 راکٹ فائر کیے گئے۔ ان سے جنگ کیوں کرنا چاہتا تھا لیکن کرنی پڑی، ایران مشکل اور ذہین ملک ہے۔ امریکی صدر ڈونلڈ ٹرمپ نے کہا کہ ایران میں جنگ اچھے طریقے سے ختم ہونے جا رہی ہے، ہمارے ایک بحری جہاز پر 111 راکٹ فائر کیے گئے۔ ان سے جنگ کیوں کرنا چاہتا تھا لیکن کرنی پڑی، ایران مشکل اور ذہین ملک ہے۔ امریکی صدر ڈونلڈ ٹرمپ نے کہا کہ ایران میں جنگ اچھے طریقے سے ختم ہونے جا رہی ہے، ہمارے ایک بحری جہاز پر 111 راکٹ فائر کیے گئے۔ ان سے جنگ کیوں کرنا چاہتا تھا لیکن کرنی پڑی، ایران مشکل اور ذہین ملک ہے۔ امریکی صدر ڈونلڈ ٹرمپ نے کہا کہ ایران میں جنگ اچھے طریقے سے ختم ہونے جا رہی ہے، ہمارے ایک بحری جہاز پر 111 راکٹ فائر کیے گئے۔ ان سے جنگ کیوں کرنا چاہتا تھا لیکن کرنی پڑی، ایران مشکل اور ذہین ملک ہے۔ امریکی صدر ڈونلڈ ٹرمپ نے کہا کہ ایران میں جنگ اچھے طریقے سے ختم ہونے جا رہی ہے، ہمارے ایک بحری جہاز پر 111 راکٹ فائر کیے گئے۔ ان سے جنگ کیوں کرنا چاہتا تھا لیکن کرنی پڑی، ایران مشکل اور ذہین ملک ہے۔ امریکی صدر ڈونلڈ ٹرمپ نے کہا کہ ایران میں جنگ اچھے طریقے سے ختم ہونے جا رہی ہے، ہمارے ایک بحری جہاز پر 111 راکٹ فائر کیے گئے۔ ان سے جنگ کیوں کرنا چاہتا تھا لیکن کرنی پڑی، ایران مشکل اور ذہین ملک ہے۔ امریکی صدر ڈونلڈ ٹرمپ نے کہا کہ ایران میں جنگ اچھے طریقے سے ختم ہونے جا رہی ہے، ہمارے ایک بحری جہاز پر 111 راکٹ فائر کیے گئے۔ ان سے جنگ کیوں کرنا چاہتا تھا لیکن کرنی پڑی، ایران مشکل اور ذہین ملک ہے۔ امریکی صدر ڈونلڈ ٹرمپ نے کہا کہ ایران میں جنگ اچھے طریقے سے ختم ہونے جا رہی ہے، ہمارے ایک بحری جہاز پر 111 راکٹ فائر کیے گئے۔ ان سے جنگ کیوں کرنا چاہتا تھا لیکن کرنی پڑی، ایران مشکل اور ذہین ملک ہے۔ امریکی صدر ڈونلڈ ٹرمپ نے کہا کہ ایران میں جنگ اچھے طریقے سے ختم ہونے جا رہی ہے، ہمارے ایک بحری جہاز پر 111 راکٹ فائر کیے گئے۔ ان سے جنگ کیوں کرنا چاہتا تھا لیکن کرنی پڑی، ایران مشکل اور ذہین ملک ہے۔ امریکی صدر ڈونلڈ ٹرمپ نے کہا کہ ایران میں جنگ اچھے طریقے سے ختم ہونے جا رہی ہے، ہمارے ایک بحری جہاز پر 111 راکٹ فائر کیے گئے۔ ان سے جنگ کیوں کرنا چاہتا تھا لیکن کرنی پڑی، ایران مشکل اور ذہین ملک ہے۔ امریکی صدر ڈونلڈ ٹرمپ نے کہا کہ ایران میں جنگ اچھے طریقے سے ختم ہونے جا رہی ہے، ہمارے ایک بحری جہاز پر 111 راکٹ فائر کیے گئے۔ ان سے جنگ کیوں کرنا چاہتا تھا لیکن کرنی پڑی، ایران مشکل اور ذہین ملک ہے۔ امریکی صدر ڈونلڈ ٹرمپ نے کہا کہ ایران میں جنگ اچھے طریقے سے ختم ہونے جا رہی ہے، ہمارے ایک بحری جہاز پر 111 راکٹ فائر کیے گئے۔
وزیر داخلہ محسن نقوی نے جنگ بندی اور مصالحتی کردار پر پاکستان کی
بقیہ
بقیہ جات
8
وزیر داخلہ محسن نقوی نے جنگ بندی اور مصالحتی کردار پر پاکستان کی تاریخ ساز کاوشوں کو سراہا۔ اس موقع پر ایرانی وزیر داخلہ نے کہا کہ جنگ بندی برادر ملک پاکستان کی ثالثی میں قائم ہوئی، ایران پاکستان کا مخلصانہ اور مثبت کردار ہمیشہ یاد رکھے گا۔ وزیر داخلہ محسن نقوی نے جنگ بندی اور مصالحتی کردار پر
بقیہ
بقیہ جات
9
میں دہشت گردی کی تربیت حاصل کی، افغانستان میں فتنہ الخوارج کے مراکز کو افغان طالبان کی مکمل پشت پناہی حاصل ہے۔ میں دہشت گردی کی تربیت حاصل کی، افغانستان میں فتنہ الخوارج کے مراکز کو افغان طالبان کی مکمل پشت پناہی حاصل ہے۔ میں دہشت گردی کی تربیت حاصل کی، افغانستان میں فتنہ الخوارج کے مراکز کو افغان طالبان کی مکمل پشت پناہی حاصل ہے۔ میں دہشت گردی کی تربیت حاصل کی، افغانستان میں فتنہ الخوارج کے مراکز کو افغان طالبان کی مکمل پشت پناہی حاصل ہے۔ میں دہشت گردی کی تربیت حاصل کی، افغانستان میں فتنہ الخوارج کے مراکز کو افغان طالبان کی مکمل پشت پناہی حاصل ہے۔ میں دہشت گردی کی تربیت حاصل کی، افغانستان میں فتنہ الخوارج کے مراکز کو افغان طالبان کی مکمل پشت پناہی حاصل ہے۔ میں دہشت گردی کی تربیت حاصل کی، افغانستان میں فتنہ الخوارج کے مراکز
بقیہ
بقیہ جات
10
پاکستان اس سلسلے میں علاقائی و بین الاقوامی شراکت داروں کے ساتھ مسلسل رابطے میں ہے۔ انہوں نے کہا کہ پاکستان خطے میں کشیدگی میں کمی، مذاکرات اور پائیدار امن کے
بقیہ
بقیہ جات
11
ان کا موثر اور ذمہ دارانہ کردار قابل تحسین ہے، جنگ بندی میں سہولت کاری پر ریاست پاکستان کا شکریہ ادا کرتا ہوں، اسلام آباد مذاکرات کے دوران ایرانی وفد کی میزبانی پر بھی پاکستان کا شکریہ ادا کرتا ہوں۔ ان کا موثر اور ذمہ دارانہ کردار قابل تحسین
بقیہ
بقیہ جات
12
ان سے جنگ کیوں کرنا چاہتا تھا لیکن کرنی پڑی، ایران مشکل اور ذہین ملک ہے۔ امریکی صدر ڈونلڈ ٹرمپ نے کہا کہ ایران میں جنگ اچھے طریقے سے ختم ہونے جا رہی ہے، ہمارے ایک بحری جہاز پر 111 راکٹ فائر کیے گئے۔ ان سے جنگ کیوں کرنا چاہتا تھا لیکن کرنی پڑی، ایران مشکل اور ذہین ملک ہے۔ امریکی صدر ڈونلڈ ٹرمپ نے کہا کہ ایران میں جنگ اچھے طریقے سے ختم ہونے جا رہی ہے، ہمارے ایک بحری جہاز پر 111 راکٹ فائر کیے گئے۔ ان سے جنگ کیوں کرنا
بقیہ
بقیہ جات
13
ایران کے ساتھ جنگ بندی کے بعد عالمی منڈی میں تیل کی قیمتوں میں کمی ہوئی، 3.801 ارب ڈالر اور 5.760 ارب ڈالر کے مقابلے میں 406 ملین ڈالر اضافہ ریکارڈ کیا گیا۔ ایران کے ساتھ جنگ بندی کے بعد عالمی منڈی میں تیل کی قیمتوں میں کمی ہوئی، 3.801 ارب ڈالر اور 5.760 ارب ڈالر کے مقابلے میں 406 ملین ڈالر اضافہ ریکارڈ کیا گیا۔ ایران کے ساتھ جنگ بندی کے بعد عالمی منڈی میں تیل کی قیمتوں میں کمی ہوئی، 3.801 ارب ڈالر اور 5.760 ارب ڈالر کے مقابلے میں 406 ملین ڈالر اضافہ ریکارڈ کیا گیا۔ ایران کے ساتھ جنگ بندی کے بعد عالمی منڈی میں تیل کی قیمتوں میں کمی ہوئی، 3.801 ارب ڈالر اور 5.760 ارب ڈالر کے مقابلے میں 406 ملین ڈالر اضافہ ریکارڈ کیا گیا۔ ایران کے ساتھ جنگ بندی کے بعد عالمی منڈی میں تیل کی قیمتوں میں کمی ہوئی، 3.801 ارب ڈالر اور 5.760 ارب ڈالر کے مقابلے میں 406 ملین ڈالر اضافہ ریکارڈ کیا گیا۔ ایران کے ساتھ جنگ بندی کے بعد عالمی منڈی میں تیل کی قیمتوں میں کمی ہوئی، 3.801 ارب ڈالر اور 5.760 ارب ڈالر کے مقابلے میں 406 ملین ڈالر اضافہ ریکارڈ کیا گیا۔ ایران کے ساتھ جنگ بندی کے بعد عالمی منڈی میں تیل کی قیمتوں میں کمی ہوئی، 3.801 ارب ڈالر اور 5.760 ارب ڈالر
بقیہ
بقیہ جات
14
وزیر داخلہ محسن نقوی نے جنگ بندی اور مصالحتی کردار پر پاکستان کی تاریخ ساز کاوشوں کو سراہا۔ اس موقع پر ایرانی وزیر داخلہ نے کہا کہ جنگ بندی برادر ملک پاکستان کی ثالثی میں قائم ہوئی، ایران پاکستان کا مخلصانہ اور مثبت کردار ہمیشہ یاد رکھے گا۔ وزیر داخلہ محسن نقوی نے جنگ بندی اور مصالحتی کردار پر پاکستان کی تاریخ ساز کاوشوں کو سراہا۔ اس موقع پر ایرانی وزیر داخلہ نے کہا کہ جنگ بندی برادر ملک پاکستان کی ثالثی میں قائم ہوئی، ایران پاکستان کا مخلصانہ اور مثبت
بقیہ
بقیہ جات
15
پاکستان اس سلسلے میں علاقائی و بین الاقوامی شراکت داروں کے ساتھ مسلسل رابطے میں ہے۔ انہوں نے کہا کہ پاکستان خطے میں کشیدگی میں کمی، مذاکرات اور پائیدار امن کے فروغ کے لیے ہر ممکن کوشش کی حمایت جاری رکھے گا۔ پاکستان اس سلسلے میں علاقائی و بین الاقوامی شراکت داروں کے ساتھ مسلسل رابطے میں ہے۔ انہوں نے کہا کہ پاکستان خطے میں کشیدگی میں کمی، مذاکرات اور پائیدار امن کے فروغ کے لیے ہر ممکن کوشش کی حمایت جاری رکھے گا۔ پاکستان اس سلسلے میں علاقائی و بین الاقوامی شراکت داروں کے ساتھ مسلسل رابطے میں ہے۔ انہوں نے کہا کہ پاکستان خطے میں کشیدگی میں کمی، مذاکرات اور پائیدار امن کے فروغ کے لیے ہر ممکن کوشش کی حمایت جاری رکھے گا۔ پاکستان اس سلسلے میں علاقائی و بین الاقوامی شراکت داروں کے ساتھ مسلسل رابطے میں ہے۔ انہوں نے کہا کہ پاکستان خطے میں کشیدگی میں کمی، مذاکرات اور پائیدار امن کے فروغ کے لیے ہر ممکن کوشش کی حمایت جاری رکھے گا۔ پاکستان اس سلسلے میں علاقائی و بین الاقوامی شراکت داروں کے ساتھ مسلسل رابطے میں ہے۔ انہوں نے کہا کہ پاکستان خطے میں کشیدگی میں کمی، مذاکرات اور پائیدار امن کے فروغ کے لیے ہر ممکن کوشش کی حمایت جاری رکھے گا۔ پاکستان اس سلسلے میں علاقائی و بین الاقوامی شراکت داروں کے ساتھ مسلسل رابطے میں ہے۔ انہوں نے کہا کہ پاکستان خطے میں کشیدگی میں کمی، مذاکرات اور پائیدار امن کے فروغ کے لیے ہر ممکن کوشش کی حمایت جاری رکھے گا۔
بقیہ
بقیہ جات
1
ان کا موثر اور ذمہ دارانہ کردار قابل تحسین ہے، جنگ بندی میں سہولت کاری پر ریاست پاکستان کا شکریہ ادا کرتا ہوں، اسلام آباد مذاکرات کے
بقیہ
بقیہ جات
2
پاکستان اس سلسلے میں علاقائی و بین الاقوامی شراکت داروں کے ساتھ مسلسل رابطے میں ہے۔ انہوں نے کہا کہ پاکستان خطے میں کشیدگی میں کمی، مذاکرات اور پائیدار امن کے فروغ کے لیے ہر ممکن کوشش کی حمایت جاری رکھے گا۔ پاکستان اس سلسلے میں علاقائی و بین الاقوامی شراکت داروں کے ساتھ مسلسل رابطے میں ہے۔ انہوں نے کہا کہ پاکستان خطے میں کشیدگی میں کمی، مذاکرات اور پائیدار امن کے فروغ کے لیے ہر ممکن کوشش کی حمایت جاری رکھے گا۔ پاکستان اس سلسلے میں علاقائی و بین الاقوامی شراکت داروں کے ساتھ مسلسل رابطے میں ہے۔ انہوں نے کہا کہ پاکستان خطے میں کشیدگی میں کمی، مذاکرات اور پائیدار امن کے فروغ کے لیے ہر ممکن کوشش کی حمایت جاری رکھے گا۔
بقیہ
بقیہ جات
3
وزیر داخلہ محسن نقوی نے جنگ بندی اور مصالحتی کردار پر پاکستان کی تاریخ ساز کاوشوں کو سراہا۔ اس موقع پر ایرانی وزیر داخلہ نے کہا کہ جنگ بندی برادر ملک پاکستان کی ثالثی میں قائم ہوئی، ایران پاکستان کا مخلصانہ اور مثبت کردار ہمیشہ یاد رکھے گا۔ وزیر داخلہ محسن نقوی نے جنگ بندی اور مصالحتی کردار پر پاکستان کی تاریخ ساز کاوشوں کو سراہا۔ اس موقع پر ایرانی وزیر داخلہ نے کہا کہ جنگ بندی برادر ملک پاکستان کی ثالثی میں قائم ہوئی، ایران پاکستان کا مخلصانہ اور مثبت کردار ہمیشہ یاد رکھے گا۔ وزیر داخلہ محسن نقوی نے جنگ بندی اور مصالحتی کردار پر پاکستان کی تاریخ ساز کاوشوں کو سراہا۔ اس موقع پر ایرانی وزیر داخلہ نے کہا کہ جنگ بندی برادر ملک پاکستان کی ثالثی میں قائم ہوئی، ایران پاکستان کا مخلصانہ اور مثبت کردار ہمیشہ یاد رکھے گا۔ وزیر داخلہ محسن نقوی نے جنگ بندی اور مصالحتی کردار پر پاکستان کی تاریخ ساز کاوشوں کو سراہا۔ اس موقع پر ایرانی وزیر داخلہ نے کہا کہ جنگ بندی برادر ملک پاکستان کی ثالثی میں قائم ہوئی، ایران پاکستان کا مخلصانہ اور مثبت کردار ہمیشہ یاد رکھے گا۔ وزیر داخلہ محسن نقوی نے جنگ بندی اور مصالحتی کردار پر پاکستان کی تاریخ ساز کاوشوں کو سراہا۔ اس موقع پر ایرانی وزیر داخلہ نے کہا کہ جنگ بندی برادر ملک پاکستان کی ثالثی میں قائم ہوئی، ایران پاکستان کا مخلصانہ اور
بقیہ
بقیہ جات
4
ان سے جنگ کیوں کرنا چاہتا تھا لیکن کرنی پڑی، ایران مشکل اور ذہین ملک ہے۔ امریکی صدر ڈونلڈ ٹرمپ نے کہا کہ ایران میں جنگ اچھے طریقے سے ختم ہونے جا رہی ہے، ہمارے ایک بحری جہاز پر 111 راکٹ فائر کیے گئے۔ ان سے جنگ کیوں کرنا چاہتا تھا لیکن کرنی پڑی، ایران مشکل اور ذہین ملک ہے۔ امریکی صدر ڈونلڈ ٹرمپ نے کہا کہ ایران میں جنگ اچھے طریقے سے ختم ہونے جا رہی ہے، ہمارے ایک بحری جہاز پر 111 راکٹ فائر کیے گئے۔ ان سے جنگ کیوں کرنا چاہتا تھا لیکن کرنی پڑی، ایران مشکل
بقیہ
بقیہ جات
5
ایران کے ساتھ جنگ بندی کے بعد عالمی منڈی میں تیل کی قیمتوں میں کمی ہوئی، 3.801 ارب ڈالر اور 5.760 ارب ڈالر کے مقابلے میں 406 ملین ڈالر اضافہ ریکارڈ کیا گیا۔ ایران کے ساتھ جنگ بندی کے بعد عالمی منڈی میں تیل کی قیمتوں میں کمی ہوئی، 3.801 ارب ڈالر اور 5.760 ارب ڈالر کے مقابلے میں 406 ملین ڈالر اضافہ ریکارڈ کیا گیا۔ ایران کے ساتھ جنگ بندی کے بعد عالمی منڈی میں تیل کی قیمتوں میں کمی ہوئی، 3.801 ارب ڈالر اور 5.760 ارب ڈالر کے مقابلے میں 406 ملین ڈالر اضافہ ریکارڈ کیا گیا۔ ایران کے ساتھ جنگ بندی کے بعد عالمی منڈی میں تیل کی قیمتوں میں کمی ہوئی، 3.801 ارب ڈالر اور 5.760 ارب ڈالر کے مقابلے میں 406 ملین ڈالر اضافہ ریکارڈ کیا گیا۔ ایران کے ساتھ جنگ بندی کے بعد عالمی منڈی میں تیل کی قیمتوں میں کمی ہوئی، 3.801 ارب ڈالر اور 5.760 ارب ڈالر کے مقابلے میں 406 ملین ڈالر اضافہ ریکارڈ کیا گیا۔ ایران کے ساتھ جنگ بندی کے بعد عالمی منڈی میں تیل کی قیمتوں میں کمی ہوئی، 3.801 ارب ڈالر اور 5.760 ارب ڈالر کے مقابلے میں 406 ملین ڈالر اضافہ ریکارڈ کیا گیا۔ ایران کے ساتھ جنگ بندی کے بعد عالمی منڈی میں تیل کی قیمتوں میں کمی ہوئی، 3.801 ارب ڈالر اور 5.760 ارب ڈالر کے مقابلے میں 406 ملین ڈالر اضافہ ریکارڈ کیا گیا۔ ایران کے ساتھ جنگ بندی کے بعد عالمی منڈی میں تیل کی قیمتوں میں کمی ہوئی، 3.801 ارب ڈالر اور 5.760 ارب ڈالر کے مقابلے میں 406 ملین ڈالر اضافہ ریکارڈ کیا گیا۔ ایران کے ساتھ جنگ بندی کے بعد عالمی منڈی میں تیل کی قیمتوں میں کمی ہوئی، 3.801 ارب ڈالر اور 5.760 ارب ڈالر کے مقابلے میں 406 ملین ڈالر اضافہ ریکارڈ کیا گیا۔ ایران
بقیہ
بقیہ جات
6
میں دہشت گردی کی تربیت حاصل کی، افغانستان میں فتنہ الخوارج کے مراکز کو افغان طالبان کی مکمل پشت پناہی حاصل ہے۔ میں دہشت گردی کی تربیت حاصل کی، افغانستان میں فتنہ الخوارج کے مراکز کو افغان طالبان کی مکمل پشت پناہی حاصل ہے۔ میں دہشت گردی کی تربیت حاصل کی، افغانستان میں فتنہ الخوارج کے مراکز کو افغان طالبان کی مکمل پشت پناہی حاصل ہے۔ میں دہشت گردی کی تربیت حاصل کی، افغانستان میں فتنہ الخوارج کے مراکز کو افغان طالبان کی مکمل پشت پناہی حاصل ہے۔ میں دہشت گردی کی تربیت حاصل کی، افغانستان میں فتنہ الخوارج کے مراکز کو افغان طالبان کی مکمل پشت پناہی حاصل ہے۔ میں دہشت گردی کی تربیت حاصل کی، افغانستان میں فتنہ الخوارج کے مراکز کو افغان طالبان کی مکمل پشت پناہی حاصل ہے۔ میں دہشت گردی کی تربیت حاصل کی، افغانستان میں فتنہ الخوارج کے مراکز کو افغان طالبان کی مکمل پشت پناہی حاصل ہے۔ میں دہشت گردی
بقیہ
بقیہ جات
7
ان کا موثر اور ذمہ دارانہ کردار قابل تحسین ہے، جنگ بندی میں سہولت کاری پر ریاست پاکستان کا شکریہ ادا کرتا ہوں، اسلام آباد مذاکرات کے دوران ایرانی وفد کی میزبانی پر بھی پاکستان کا شکریہ ادا کرتا ہوں۔ ان کا موثر اور ذمہ دارانہ کردار قابل تحسین
